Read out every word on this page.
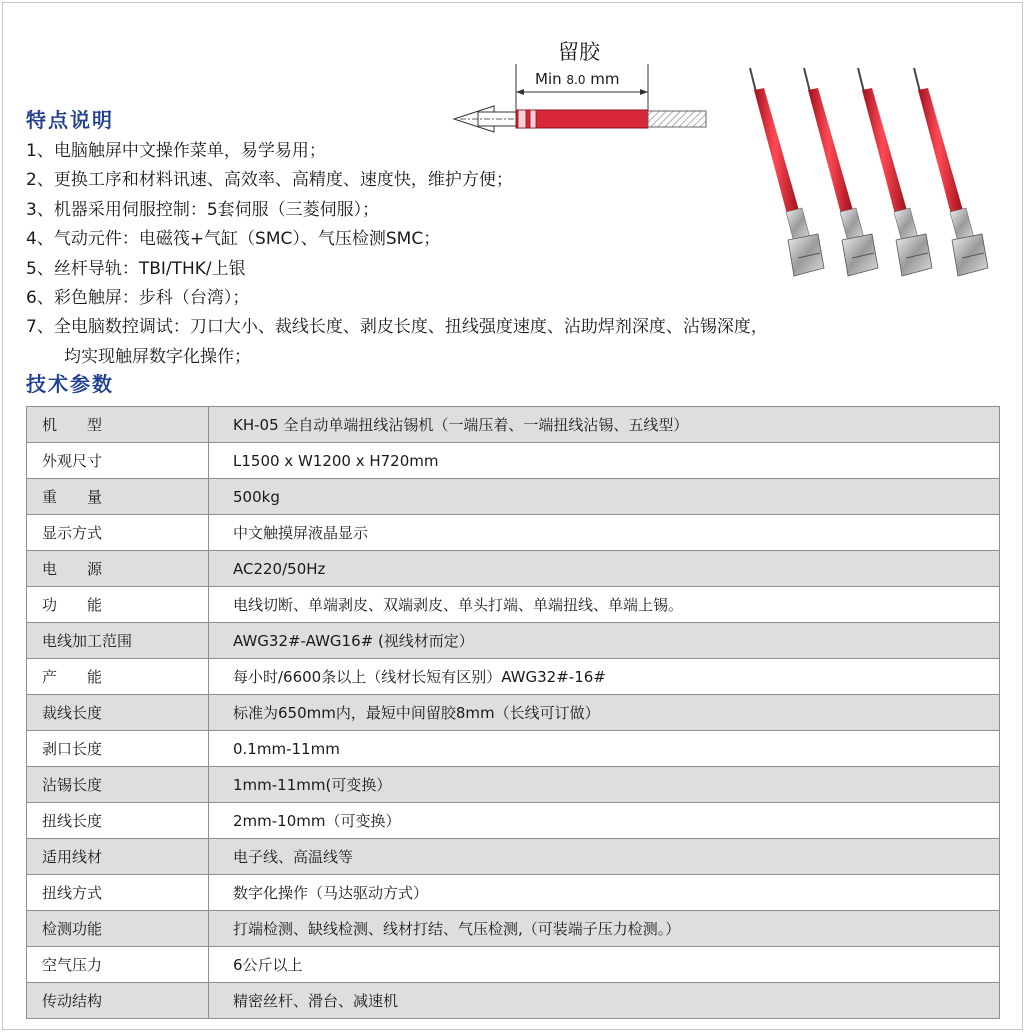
留胶
Min 8.0 mm
特点说明
1、电脑触屏中文操作菜单，易学易用；
2、更换工序和材料讯速、高效率、高精度、速度快，维护方便；
3、机器采用伺服控制：5套伺服（三菱伺服）；
4、气动元件：电磁筏+气缸（SMC）、气压检测SMC；
5、丝杆导轨：TBI/THK/上银
6、彩色触屏：步科（台湾）；
7、全电脑数控调试：刀口大小、裁线长度、剥皮长度、扭线强度速度、沾助焊剂深度、沾锡深度，
均实现触屏数字化操作；
技术参数
机　　型	KH-05 全自动单端扭线沾锡机（一端压着、一端扭线沾锡、五线型）
外观尺寸	L1500 x W1200 x H720mm
重　　量	500kg
显示方式	中文触摸屏液晶显示
电　　源	AC220/50Hz
功　　能	电线切断、单端剥皮、双端剥皮、单头打端、单端扭线、单端上锡。
电线加工范围	AWG32#-AWG16# (视线材而定）
产　　能	每小时/6600条以上（线材长短有区别）AWG32#-16#
裁线长度	标准为650mm内，最短中间留胶8mm（长线可订做）
剥口长度	0.1mm-11mm
沾锡长度	1mm-11mm(可变换）
扭线长度	2mm-10mm（可变换）
适用线材	电子线、高温线等
扭线方式	数字化操作（马达驱动方式）
检测功能	打端检测、缺线检测、线材打结、气压检测,（可装端子压力检测。）
空气压力	6公斤以上
传动结构	精密丝杆、滑台、减速机
